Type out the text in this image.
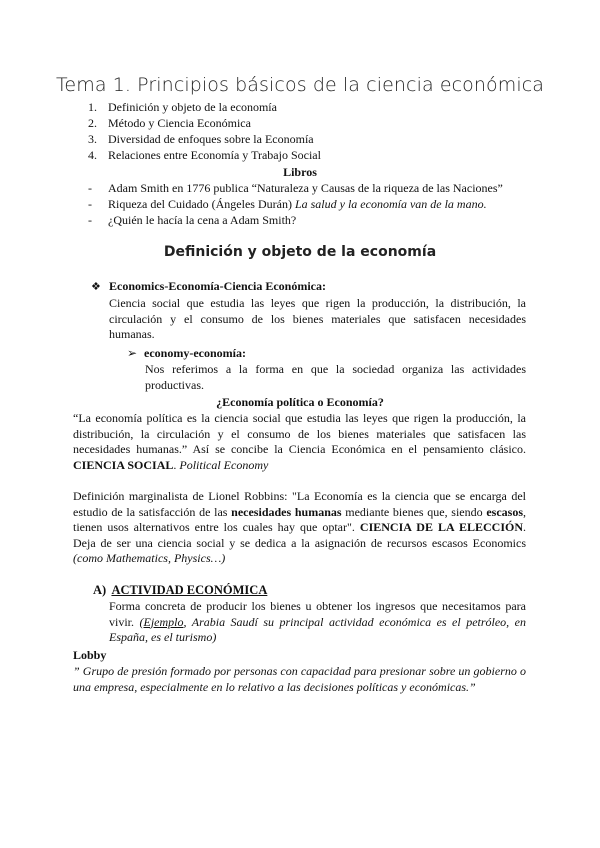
Tema 1. Principios básicos de la ciencia económica
1. Definición y objeto de la economía
2. Método y Ciencia Económica
3. Diversidad de enfoques sobre la Economía
4. Relaciones entre Economía y Trabajo Social
Libros
- Adam Smith en 1776 publica “Naturaleza y Causas de la riqueza de las Naciones”
- Riqueza del Cuidado (Ángeles Durán) La salud y la economía van de la mano.
- ¿Quién le hacía la cena a Adam Smith?
Definición y objeto de la economía
❖ Economics-Economía-Ciencia Económica:
Ciencia social que estudia las leyes que rigen la producción, la distribución, la circulación y el consumo de los bienes materiales que satisfacen necesidades humanas.
➢ economy-economía:
Nos referimos a la forma en que la sociedad organiza las actividades productivas.
¿Economía política o Economía?
“La economía política es la ciencia social que estudia las leyes que rigen la producción, la distribución, la circulación y el consumo de los bienes materiales que satisfacen las necesidades humanas.” Así se concibe la Ciencia Económica en el pensamiento clásico. CIENCIA SOCIAL. Political Economy
Definición marginalista de Lionel Robbins: "La Economía es la ciencia que se encarga del estudio de la satisfacción de las necesidades humanas mediante bienes que, siendo escasos, tienen usos alternativos entre los cuales hay que optar". CIENCIA DE LA ELECCIÓN. Deja de ser una ciencia social y se dedica a la asignación de recursos escasos Economics (como Mathematics, Physics…)
A) ACTIVIDAD ECONÓMICA
Forma concreta de producir los bienes u obtener los ingresos que necesitamos para vivir. (Ejemplo, Arabia Saudí su principal actividad económica es el petróleo, en España, es el turismo)
Lobby
” Grupo de presión formado por personas con capacidad para presionar sobre un gobierno o una empresa, especialmente en lo relativo a las decisiones políticas y económicas.”
